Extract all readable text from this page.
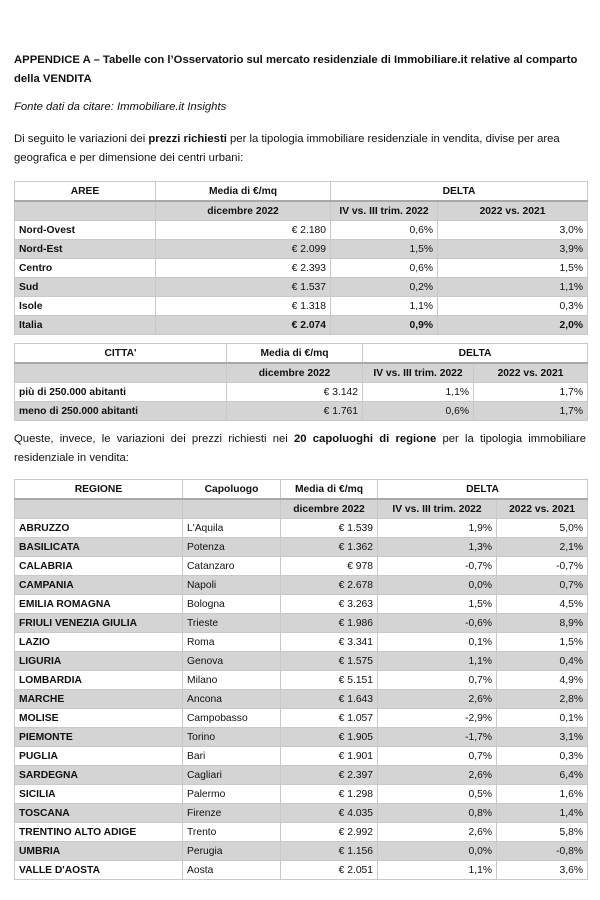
APPENDICE A – Tabelle con l’Osservatorio sul mercato residenziale di Immobiliare.it relative al comparto della VENDITA

Fonte dati da citare: Immobiliare.it Insights

Di seguito le variazioni dei prezzi richiesti per la tipologia immobiliare residenziale in vendita, divise per area geografica e per dimensione dei centri urbani:

AREE	Media di €/mq	DELTA	
	dicembre 2022	IV vs. III trim. 2022	2022 vs. 2021
Nord-Ovest	€ 2.180	0,6%	3,0%
Nord-Est	€ 2.099	1,5%	3,9%
Centro	€ 2.393	0,6%	1,5%
Sud	€ 1.537	0,2%	1,1%
Isole	€ 1.318	1,1%	0,3%
Italia	€ 2.074	0,9%	2,0%
CITTA'	Media di €/mq	DELTA	
	dicembre 2022	IV vs. III trim. 2022	2022 vs. 2021
più di 250.000 abitanti	€ 3.142	1,1%	1,7%
meno di 250.000 abitanti	€ 1.761	0,6%	1,7%

Queste, invece, le variazioni dei prezzi richiesti nei 20 capoluoghi di regione per la tipologia immobiliare residenziale in vendita:

REGIONE	Capoluogo	Media di €/mq	DELTA	
		dicembre 2022	IV vs. III trim. 2022	2022 vs. 2021
ABRUZZO	L'Aquila	€ 1.539	1,9%	5,0%
BASILICATA	Potenza	€ 1.362	1,3%	2,1%
CALABRIA	Catanzaro	€ 978	-0,7%	-0,7%
CAMPANIA	Napoli	€ 2.678	0,0%	0,7%
EMILIA ROMAGNA	Bologna	€ 3.263	1,5%	4,5%
FRIULI VENEZIA GIULIA	Trieste	€ 1.986	-0,6%	8,9%
LAZIO	Roma	€ 3.341	0,1%	1,5%
LIGURIA	Genova	€ 1.575	1,1%	0,4%
LOMBARDIA	Milano	€ 5.151	0,7%	4,9%
MARCHE	Ancona	€ 1.643	2,6%	2,8%
MOLISE	Campobasso	€ 1.057	-2,9%	0,1%
PIEMONTE	Torino	€ 1.905	-1,7%	3,1%
PUGLIA	Bari	€ 1.901	0,7%	0,3%
SARDEGNA	Cagliari	€ 2.397	2,6%	6,4%
SICILIA	Palermo	€ 1.298	0,5%	1,6%
TOSCANA	Firenze	€ 4.035	0,8%	1,4%
TRENTINO ALTO ADIGE	Trento	€ 2.992	2,6%	5,8%
UMBRIA	Perugia	€ 1.156	0,0%	-0,8%
VALLE D'AOSTA	Aosta	€ 2.051	1,1%	3,6%
